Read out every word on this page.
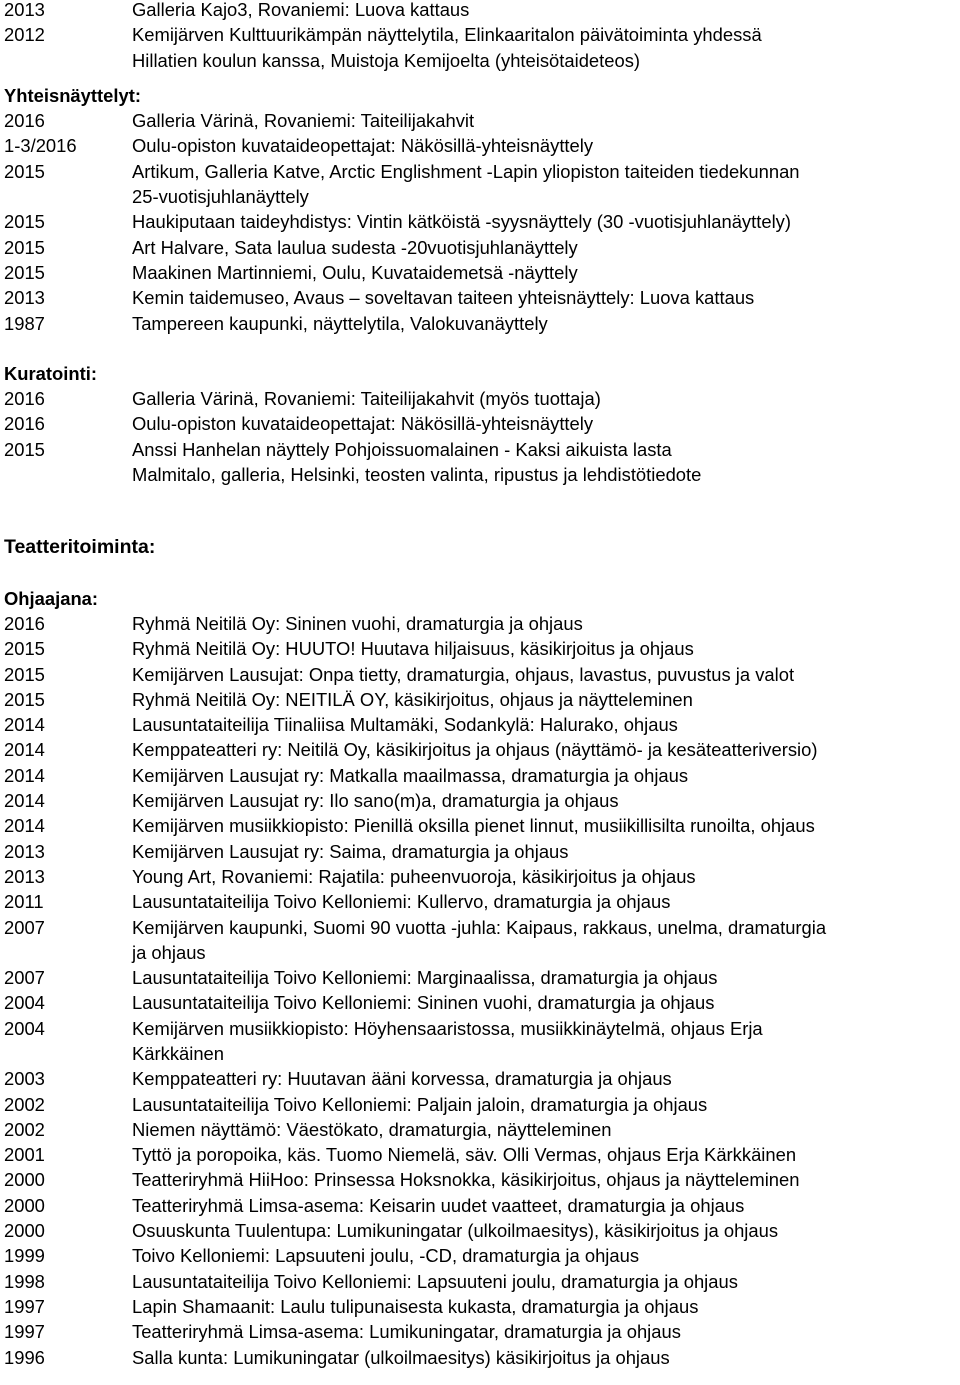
2013	Galleria Kajo3, Rovaniemi: Luova kattaus
2012	Kemijärven Kulttuurikämpän näyttelytila, Elinkaaritalon päivätoiminta yhdessä
Hillatien koulun kanssa, Muistoja Kemijoelta (yhteisötaideteos)
Yhteisnäyttelyt:
2016	Galleria Värinä, Rovaniemi: Taiteilijakahvit
1-3/2016	Oulu-opiston kuvataideopettajat: Näkösillä-yhteisnäyttely
2015	Artikum, Galleria Katve, Arctic Englishment -Lapin yliopiston taiteiden tiedekunnan
25-vuotisjuhlanäyttely
2015	Haukiputaan taideyhdistys: Vintin kätköistä -syysnäyttely (30 -vuotisjuhlanäyttely)
2015	Art Halvare, Sata laulua sudesta -20vuotisjuhlanäyttely
2015	Maakinen Martinniemi, Oulu, Kuvataidemetsä -näyttely
2013	Kemin taidemuseo, Avaus – soveltavan taiteen yhteisnäyttely: Luova kattaus
1987	Tampereen kaupunki, näyttelytila, Valokuvanäyttely
Kuratointi:
2016	Galleria Värinä, Rovaniemi: Taiteilijakahvit (myös tuottaja)
2016	Oulu-opiston kuvataideopettajat: Näkösillä-yhteisnäyttely
2015	Anssi Hanhelan näyttely Pohjoissuomalainen - Kaksi aikuista lasta
Malmitalo, galleria, Helsinki, teosten valinta, ripustus ja lehdistötiedote
Teatteritoiminta:
Ohjaajana:
2016	Ryhmä Neitilä Oy: Sininen vuohi, dramaturgia ja ohjaus
2015	Ryhmä Neitilä Oy: HUUTO! Huutava hiljaisuus, käsikirjoitus ja ohjaus
2015	Kemijärven Lausujat: Onpa tietty, dramaturgia, ohjaus, lavastus, puvustus ja valot
2015	Ryhmä Neitilä Oy: NEITILÄ OY, käsikirjoitus, ohjaus ja näytteleminen
2014	Lausuntataiteilija Tiinaliisa Multamäki, Sodankylä: Halurako, ohjaus
2014	Kemppateatteri ry: Neitilä Oy, käsikirjoitus ja ohjaus (näyttämö- ja kesäteatteriversio)
2014	Kemijärven Lausujat ry: Matkalla maailmassa, dramaturgia ja ohjaus
2014	Kemijärven Lausujat ry: Ilo sano(m)a, dramaturgia ja ohjaus
2014	Kemijärven musiikkiopisto: Pienillä oksilla pienet linnut, musiikillisilta runoilta, ohjaus
2013	Kemijärven Lausujat ry: Saima, dramaturgia ja ohjaus
2013	Young Art, Rovaniemi: Rajatila: puheenvuoroja, käsikirjoitus ja ohjaus
2011	Lausuntataiteilija Toivo Kelloniemi: Kullervo, dramaturgia ja ohjaus
2007	Kemijärven kaupunki, Suomi 90 vuotta -juhla: Kaipaus, rakkaus, unelma, dramaturgia
ja ohjaus
2007	Lausuntataiteilija Toivo Kelloniemi: Marginaalissa, dramaturgia ja ohjaus
2004	Lausuntataiteilija Toivo Kelloniemi: Sininen vuohi, dramaturgia ja ohjaus
2004	Kemijärven musiikkiopisto: Höyhensaaristossa, musiikkinäytelmä, ohjaus Erja
Kärkkäinen
2003	Kemppateatteri ry: Huutavan ääni korvessa, dramaturgia ja ohjaus
2002	Lausuntataiteilija Toivo Kelloniemi: Paljain jaloin, dramaturgia ja ohjaus
2002	Niemen näyttämö: Väestökato, dramaturgia, näytteleminen
2001	Tyttö ja poropoika, käs. Tuomo Niemelä, säv. Olli Vermas, ohjaus Erja Kärkkäinen
2000	Teatteriryhmä HiiHoo: Prinsessa Hoksnokka, käsikirjoitus, ohjaus ja näytteleminen
2000	Teatteriryhmä Limsa-asema: Keisarin uudet vaatteet, dramaturgia ja ohjaus
2000	Osuuskunta Tuulentupa: Lumikuningatar (ulkoilmaesitys), käsikirjoitus ja ohjaus
1999	Toivo Kelloniemi: Lapsuuteni joulu, -CD, dramaturgia ja ohjaus
1998	Lausuntataiteilija Toivo Kelloniemi: Lapsuuteni joulu, dramaturgia ja ohjaus
1997	Lapin Shamaanit: Laulu tulipunaisesta kukasta, dramaturgia ja ohjaus
1997	Teatteriryhmä Limsa-asema: Lumikuningatar, dramaturgia ja ohjaus
1996	Salla kunta: Lumikuningatar (ulkoilmaesitys) käsikirjoitus ja ohjaus
